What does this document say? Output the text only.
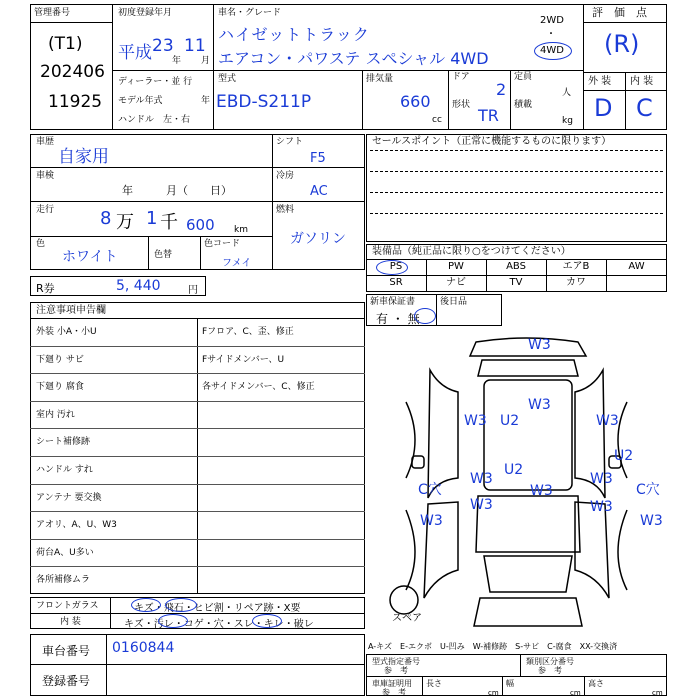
管理番号
(T1)
202406
11925
初度登録年月
平成 23
年
11
月
ディーラー・並 行
モデル年式	年
ハンドル　左・右
車名・グレード
ハイゼットトラック
エアコン・パワステ スペシャル 4WD
2WD
・
4WD
型式
EBD-S211P
排気量
660
cc
ドア
2
形状
TR
定員
人
積載
kg
評　価　点
(R)
外 装 内 装
D C
車歴
自家用
車検
年　　　月（　　日）
走行	8 万 1 千 600 km
色
ホワイト	色替
色コード
フメイ
シフト
F5
冷房
AC
燃料
ガソリン
R券	5, 440	円
セールスポイント（正常に機能するものに限ります）
装備品（純正品に限り○をつけてください）
PS	PW	ABS	エアB	AW
SR	ナビ	TV	カワ
新車保証書
有 ・ 無
後日品
注意事項申告欄
外装 小A・小U	Fフロア、C、歪、修正
下廻り サビ	Fサイドメンバー、U
下廻り 腐食	各サイドメンバー、C、修正
室内 汚れ
シート補修跡
ハンドル すれ
アンテナ 要交換
アオリ、A、U、W3
荷台A、U多い
各所補修ムラ
フロントガラス	キズ・飛石・ヒビ割・リペア跡・X要
内 装	キズ・汚レ・コゲ・穴・スレ・キレ・破レ
車台番号 0160844
登録番号
A-キズ　E-エクボ　U-凹み　W-補修跡　S-サビ　C-腐食　XX-交換済
型式指定番号
参　考
類別区分番号
参　考
車庫証明用
参　考
長さ
cm
幅
cm
高さ
cm
スペア
W3
W3
U2
W3	W3
W3
U2
U2
W3
C穴	W3
W3
C穴
W3
W3	W3
